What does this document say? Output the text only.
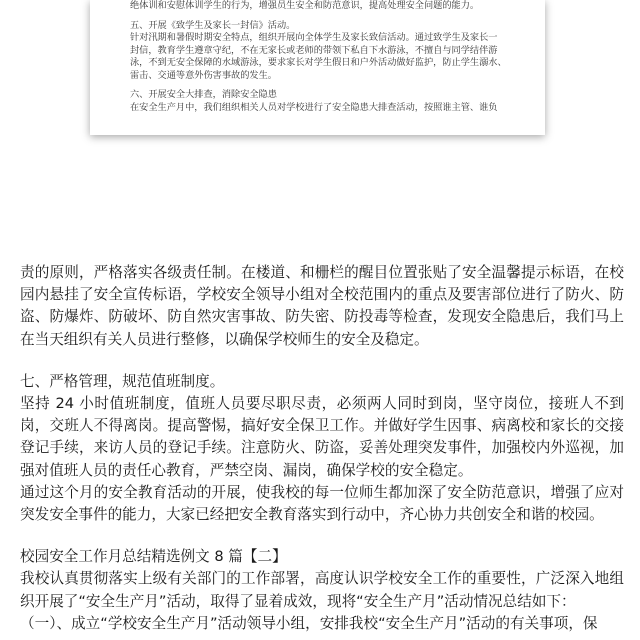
绝体训和安慰体训学生的行为，增强员生安全和防范意识，提高处理安全问题的能力。

五、开展《致学生及家长一封信》活动。

针对汛期和暑假时期安全特点，组织开展向全体学生及家长致信活动。通过致学生及家长一

封信，教育学生遵章守纪，不在无家长或老师的带领下私自下水游泳，不擅自与同学结伴游

泳，不到无安全保障的水域游泳，要求家长对学生假日和户外活动做好监护，防止学生溺水、

雷击、交通等意外伤害事故的发生。

六、开展安全大排查，消除安全隐患

在安全生产月中，我们组织相关人员对学校进行了安全隐患大排查活动，按照谁主管、谁负

责的原则，严格落实各级责任制。在楼道、和栅栏的醒目位置张贴了安全温馨提示标语，在校园内悬挂了安全宣传标语，学校安全领导小组对全校范围内的重点及要害部位进行了防火、防盗、防爆炸、防破坏、防自然灾害事故、防失密、防投毒等检查，发现安全隐患后，我们马上在当天组织有关人员进行整修，以确保学校师生的安全及稳定。

七、严格管理，规范值班制度。

坚持 24 小时值班制度，值班人员要尽职尽责，必须两人同时到岗，坚守岗位，接班人不到岗，交班人不得离岗。提高警惕，搞好安全保卫工作。并做好学生因事、病离校和家长的交接登记手续，来访人员的登记手续。注意防火、防盗，妥善处理突发事件，加强校内外巡视，加强对值班人员的责任心教育，严禁空岗、漏岗，确保学校的安全稳定。

通过这个月的安全教育活动的开展，使我校的每一位师生都加深了安全防范意识，增强了应对突发安全事件的能力，大家已经把安全教育落实到行动中，齐心协力共创安全和谐的校园。

校园安全工作月总结精选例文 8 篇【二】

我校认真贯彻落实上级有关部门的工作部署，高度认识学校安全工作的重要性，广泛深入地组织开展了“安全生产月”活动，取得了显着成效，现将“安全生产月”活动情况总结如下：

（一）、成立“学校安全生产月”活动领导小组，安排我校“安全生产月”活动的有关事项，保
